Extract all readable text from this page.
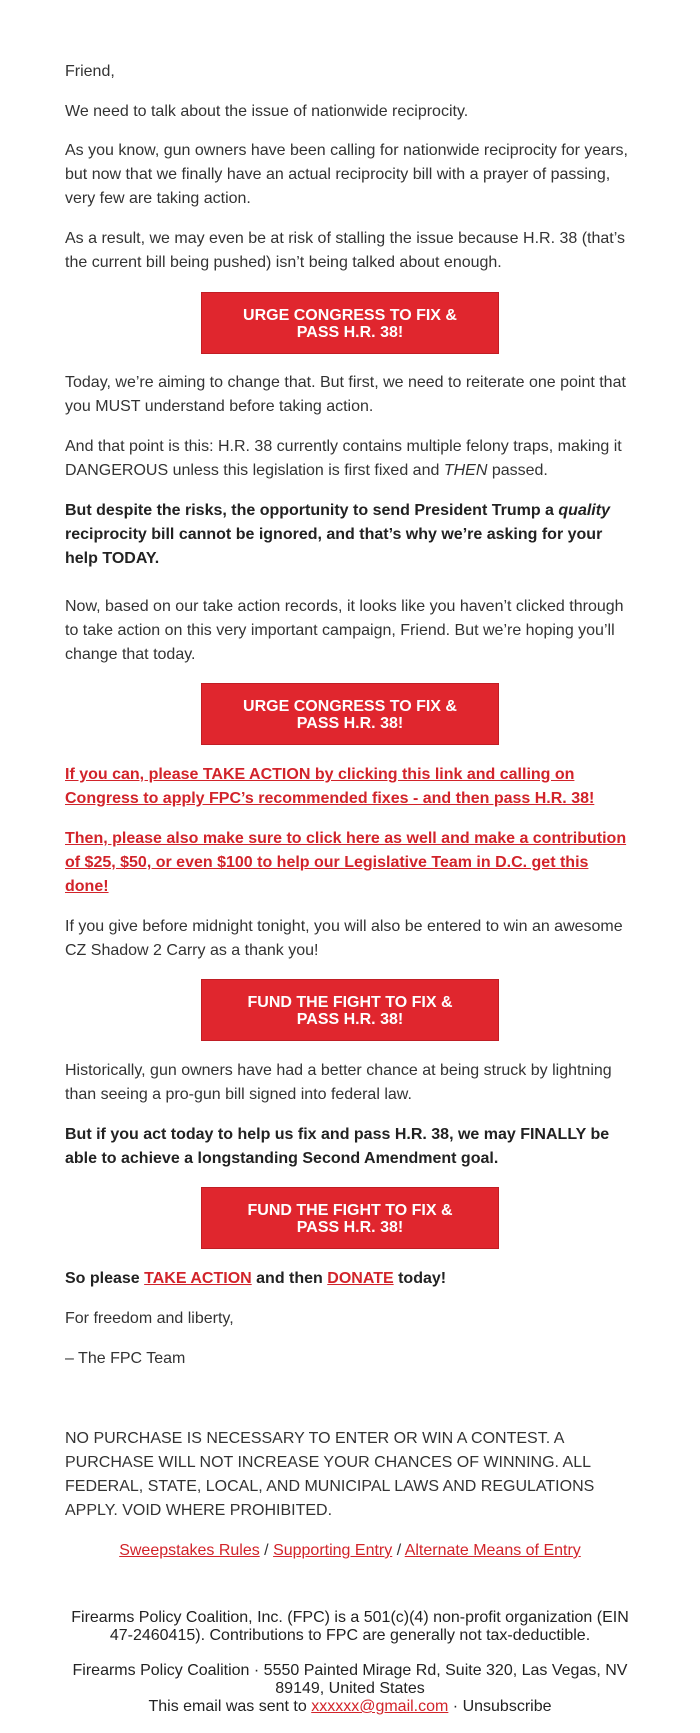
Friend,

We need to talk about the issue of nationwide reciprocity.

As you know, gun owners have been calling for nationwide reciprocity for years, but now that we finally have an actual reciprocity bill with a prayer of passing, very few are taking action.

As a result, we may even be at risk of stalling the issue because H.R. 38 (that’s the current bill being pushed) isn’t being talked about enough.

URGE CONGRESS TO FIX &
PASS H.R. 38!

Today, we’re aiming to change that. But first, we need to reiterate one point that you MUST understand before taking action.

And that point is this: H.R. 38 currently contains multiple felony traps, making it DANGEROUS unless this legislation is first fixed and THEN passed.

But despite the risks, the opportunity to send President Trump a quality reciprocity bill cannot be ignored, and that’s why we’re asking for your help TODAY.

Now, based on our take action records, it looks like you haven’t clicked through to take action on this very important campaign, Friend. But we’re hoping you’ll change that today.

URGE CONGRESS TO FIX &
PASS H.R. 38!

If you can, please TAKE ACTION by clicking this link and calling on Congress to apply FPC’s recommended fixes - and then pass H.R. 38!

Then, please also make sure to click here as well and make a contribution of $25, $50, or even $100 to help our Legislative Team in D.C. get this done!

If you give before midnight tonight, you will also be entered to win an awesome CZ Shadow 2 Carry as a thank you!

FUND THE FIGHT TO FIX &
PASS H.R. 38!

Historically, gun owners have had a better chance at being struck by lightning than seeing a pro-gun bill signed into federal law.

But if you act today to help us fix and pass H.R. 38, we may FINALLY be able to achieve a longstanding Second Amendment goal.

FUND THE FIGHT TO FIX &
PASS H.R. 38!

So please TAKE ACTION and then DONATE today!

For freedom and liberty,

– The FPC Team

NO PURCHASE IS NECESSARY TO ENTER OR WIN A CONTEST. A PURCHASE WILL NOT INCREASE YOUR CHANCES OF WINNING. ALL FEDERAL, STATE, LOCAL, AND MUNICIPAL LAWS AND REGULATIONS APPLY. VOID WHERE PROHIBITED.

Sweepstakes Rules / Supporting Entry / Alternate Means of Entry

Firearms Policy Coalition, Inc. (FPC) is a 501(c)(4) non-profit organization (EIN 47-2460415). Contributions to FPC are generally not tax-deductible.

Firearms Policy Coalition · 5550 Painted Mirage Rd, Suite 320, Las Vegas, NV 89149, United States

This email was sent to xxxxxx@gmail.com · Unsubscribe
